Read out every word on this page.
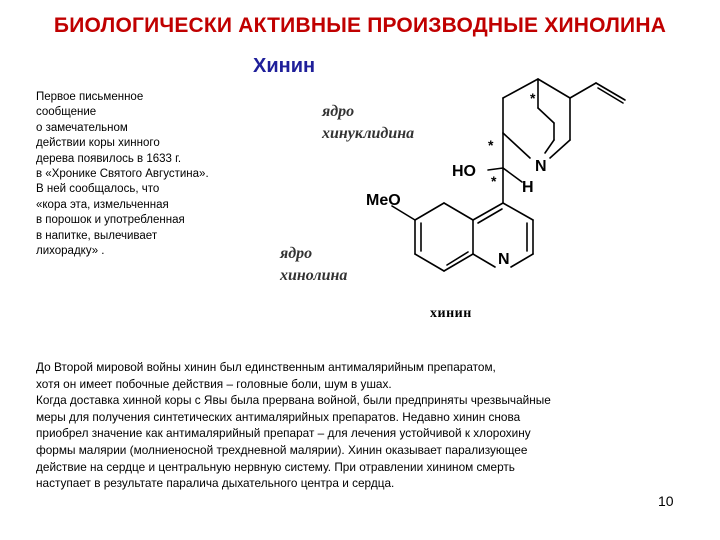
БИОЛОГИЧЕСКИ АКТИВНЫЕ ПРОИЗВОДНЫЕ ХИНОЛИНА
Хинин
Первое письменное
сообщение
о замечательном
действии коры хинного
дерева появилось в 1633 г.
в «Хронике Святого Августина».
В ней сообщалось, что
«кора эта, измельченная
в порошок и употребленная
в напитке, вылечивает
лихорадку» .
ядро
хинуклидина
ядро
хинолина
HO	N
H
N
MeO
*
*
*
хинин
До Второй мировой войны хинин был единственным антималярийным препаратом,
хотя он имеет побочные действия – головные боли, шум в ушах.
Когда доставка хинной коры с Явы была прервана войной, были предприняты чрезвычайные
меры для получения синтетических антималярийных препаратов. Недавно хинин снова
приобрел значение как антималярийный препарат – для лечения устойчивой к хлорохину
формы малярии (молниеносной трехдневной малярии). Хинин оказывает парализующее
действие на сердце и центральную нервную систему. При отравлении хинином смерть
наступает в результате паралича дыхательного центра и сердца.
10
